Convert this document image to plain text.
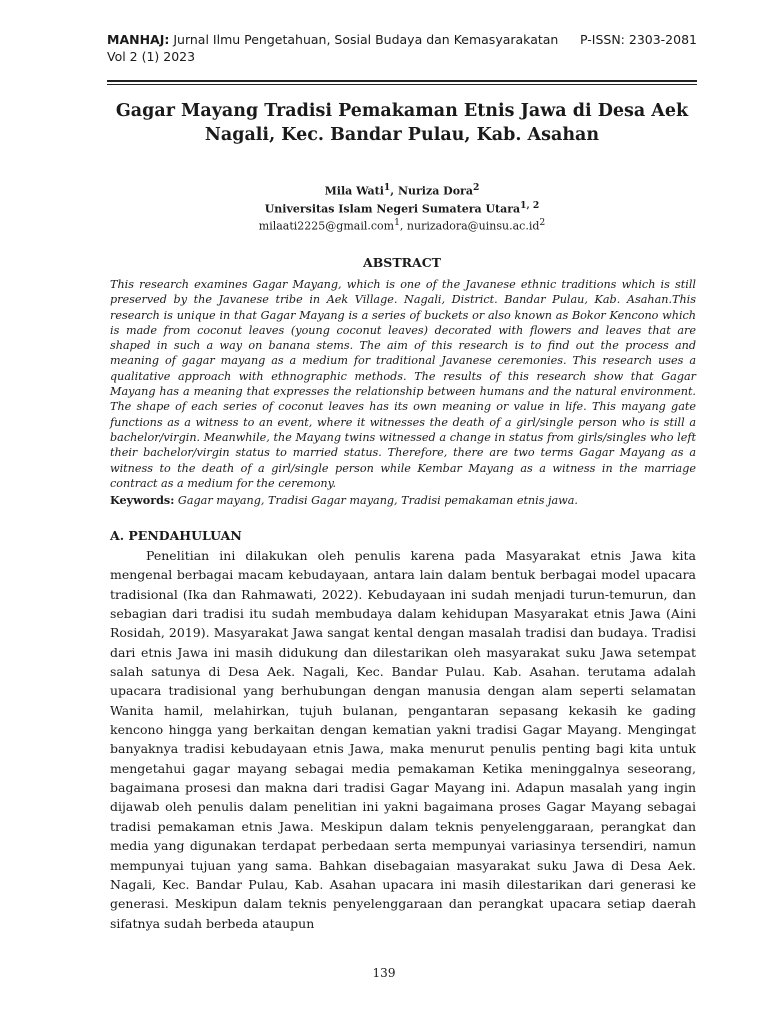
MANHAJ: Jurnal Ilmu Pengetahuan, Sosial Budaya dan Kemasyarakatan P-ISSN: 2303-2081
Vol 2 (1) 2023
Gagar Mayang Tradisi Pemakaman Etnis Jawa di Desa Aek Nagali, Kec. Bandar Pulau, Kab. Asahan
Mila Wati$^1$, Nuriza Dora$^2$
Universitas Islam Negeri Sumatera Utara$^{1, 2}$
milaati2225@gmail.com$^1$, $nurizadora@uinsu.ac.id^2$
ABSTRACT

This research examines Gagar Mayang, which is one of the Javanese ethnic traditions which is still preserved by the Javanese tribe in Aek Village. Nagali, District. Bandar Pulau, Kab. Asahan.This research is unique in that Gagar Mayang is a series of buckets or also known as Bokor Kencono which is made from coconut leaves (young coconut leaves) decorated with flowers and leaves that are shaped in such a way on banana stems. The aim of this research is to find out the process and meaning of gagar mayang as a medium for traditional Javanese ceremonies. This research uses a qualitative approach with ethnographic methods. The results of this research show that Gagar Mayang has a meaning that expresses the relationship between humans and the natural environment. The shape of each series of coconut leaves has its own meaning or value in life. This mayang gate functions as a witness to an event, where it witnesses the death of a girl/single person who is still a bachelor/virgin. Meanwhile, the Mayang twins witnessed a change in status from girls/singles who left their bachelor/virgin status to married status. Therefore, there are two terms Gagar Mayang as a witness to the death of a girl/single person while Kembar Mayang as a witness in the marriage contract as a medium for the ceremony.

Keywords: Gagar mayang, Tradisi Gagar mayang, Tradisi pemakaman etnis jawa.

A. PENDAHULUAN

Penelitian ini dilakukan oleh penulis karena pada Masyarakat etnis Jawa kita mengenal berbagai macam kebudayaan, antara lain dalam bentuk berbagai model upacara tradisional (Ika dan Rahmawati, 2022). Kebudayaan ini sudah menjadi turun-temurun, dan sebagian dari tradisi itu sudah membudaya dalam kehidupan Masyarakat etnis Jawa (Aini Rosidah, 2019). Masyarakat Jawa sangat kental dengan masalah tradisi dan budaya. Tradisi dari etnis Jawa ini masih didukung dan dilestarikan oleh masyarakat suku Jawa setempat salah satunya di Desa Aek. Nagali, Kec. Bandar Pulau. Kab. Asahan. terutama adalah upacara tradisional yang berhubungan dengan manusia dengan alam seperti selamatan Wanita hamil, melahirkan, tujuh bulanan, pengantaran sepasang kekasih ke gading kencono hingga yang berkaitan dengan kematian yakni tradisi Gagar Mayang. Mengingat banyaknya tradisi kebudayaan etnis Jawa, maka menurut penulis penting bagi kita untuk mengetahui gagar mayang sebagai media pemakaman Ketika meninggalnya seseorang, bagaimana prosesi dan makna dari tradisi Gagar Mayang ini. Adapun masalah yang ingin dijawab oleh penulis dalam penelitian ini yakni bagaimana proses Gagar Mayang sebagai tradisi pemakaman etnis Jawa. Meskipun dalam teknis penyelenggaraan, perangkat dan media yang digunakan terdapat perbedaan serta mempunyai variasinya tersendiri, namun mempunyai tujuan yang sama. Bahkan disebagaian masyarakat suku Jawa di Desa Aek. Nagali, Kec. Bandar Pulau, Kab. Asahan upacara ini masih dilestarikan dari generasi ke generasi. Meskipun dalam teknis penyelenggaraan dan perangkat upacara setiap daerah sifatnya sudah berbeda ataupun

139
